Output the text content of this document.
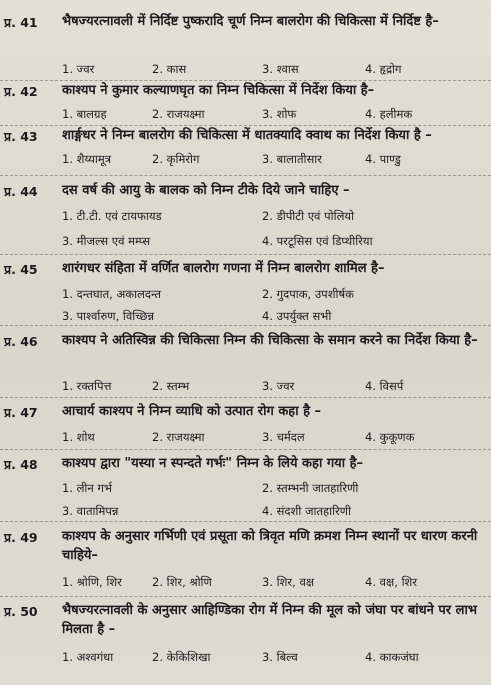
प्र. 41 भैषज्यरत्नावली में निर्दिष्ट पुष्करादि चूर्ण निम्न बालरोग की चिकित्सा में निर्दिष्ट है–
1. ज्वर	2. कास	3. श्वास	4. हृद्रोग
प्र. 42 काश्यप ने कुमार कल्याणघृत का निम्न चिकित्सा में निर्देश किया है–
1. बालग्रह	2. राजयक्ष्मा	3. शोफ	4. हलीमक
प्र. 43 शार्ङ्गधर ने निम्न बालरोग की चिकित्सा में धातक्यादि क्वाथ का निर्देश किया है –
1. शैय्यामूत्र	2. कृमिरोग	3. बालातीसार	4. पाण्डु
प्र. 44 दस वर्ष की आयु के बालक को निम्न टीके दिये जाने चाहिए –
1. टी.टी. एवं टायफायड	2. डीपीटी एवं पोलियो
3. मीजल्स एवं मम्प्स	4. परटूसिस एवं डिप्थीरिया
प्र. 45 शारंगधर संहिता में वर्णित बालरोग गणना में निम्न बालरोग शामिल है–
1. दन्तघात, अकालदन्त	2. गुदपाक, उपशीर्षक
3. पार्श्वारुण, विच्छिन्न	4. उपर्युक्त सभी
प्र. 46 काश्यप ने अतिस्विन्न की चिकित्सा निम्न की चिकित्सा के समान करने का निर्देश किया है–
1. रक्तपित्त	2. स्तम्भ	3. ज्वर	4. विसर्प
प्र. 47 आचार्य काश्यप ने निम्न व्याधि को उत्पात रोग कहा है –
1. शोथ	2. राजयक्ष्मा	3. चर्मदल	4. कुकूणक
प्र. 48 काश्यप द्वारा "यस्या न स्पन्दते गर्भः" निम्न के लिये कहा गया है–
1. लीन गर्भ	2. स्तम्भनी जातहारिणी
3. वातामिपन्न	4. संदशी जातहारिणी
प्र. 49 काश्यप के अनुसार गर्भिणी एवं प्रसूता को त्रिवृत मणि क्रमश निम्न स्थानों पर धारण करनी चाहिये–
1. श्रोणि, शिर	2. शिर, श्रोणि	3. शिर, वक्ष	4. वक्ष, शिर
प्र. 50 भैषज्यरत्नावली के अनुसार आहिण्डिका रोग में निम्न की मूल को जंघा पर बांधने पर लाभ मिलता है –
1. अश्वगंधा	2. केकिशिखा	3. बिल्व	4. काकजंघा
